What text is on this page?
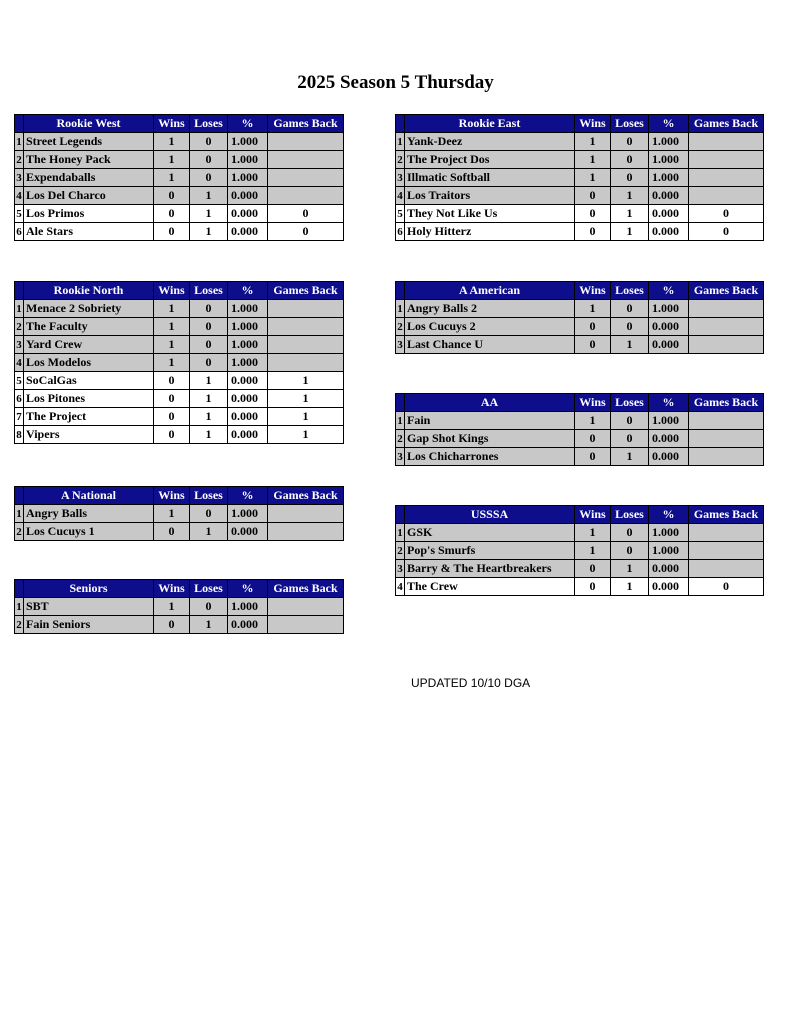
2025 Season 5 Thursday
	Rookie West	Wins	Loses	%	Games Back
1	Street Legends	1	0	1.000	
2	The Honey Pack	1	0	1.000	
3	Expendaballs	1	0	1.000	
4	Los Del Charco	0	1	0.000	
5	Los Primos	0	1	0.000	0
6	Ale Stars	0	1	0.000	0
	Rookie North	Wins	Loses	%	Games Back
1	Menace 2 Sobriety	1	0	1.000	
2	The Faculty	1	0	1.000	
3	Yard Crew	1	0	1.000	
4	Los Modelos	1	0	1.000	
5	SoCalGas	0	1	0.000	1
6	Los Pitones	0	1	0.000	1
7	The Project	0	1	0.000	1
8	Vipers	0	1	0.000	1
	A National	Wins	Loses	%	Games Back
1	Angry Balls	1	0	1.000	
2	Los Cucuys 1	0	1	0.000	
	Seniors	Wins	Loses	%	Games Back
1	SBT	1	0	1.000	
2	Fain Seniors	0	1	0.000	
	Rookie East	Wins	Loses	%	Games Back
1	Yank-Deez	1	0	1.000	
2	The Project Dos	1	0	1.000	
3	Illmatic Softball	1	0	1.000	
4	Los Traitors	0	1	0.000	
5	They Not Like Us	0	1	0.000	0
6	Holy Hitterz	0	1	0.000	0
	A American	Wins	Loses	%	Games Back
1	Angry Balls 2	1	0	1.000	
2	Los Cucuys 2	0	0	0.000	
3	Last Chance U	0	1	0.000	
	AA	Wins	Loses	%	Games Back
1	Fain	1	0	1.000	
2	Gap Shot Kings	0	0	0.000	
3	Los Chicharrones	0	1	0.000	
	USSSA	Wins	Loses	%	Games Back
1	GSK	1	0	1.000	
2	Pop's Smurfs	1	0	1.000	
3	Barry & The Heartbreakers	0	1	0.000	
4	The Crew	0	1	0.000	0
UPDATED 10/10 DGA
